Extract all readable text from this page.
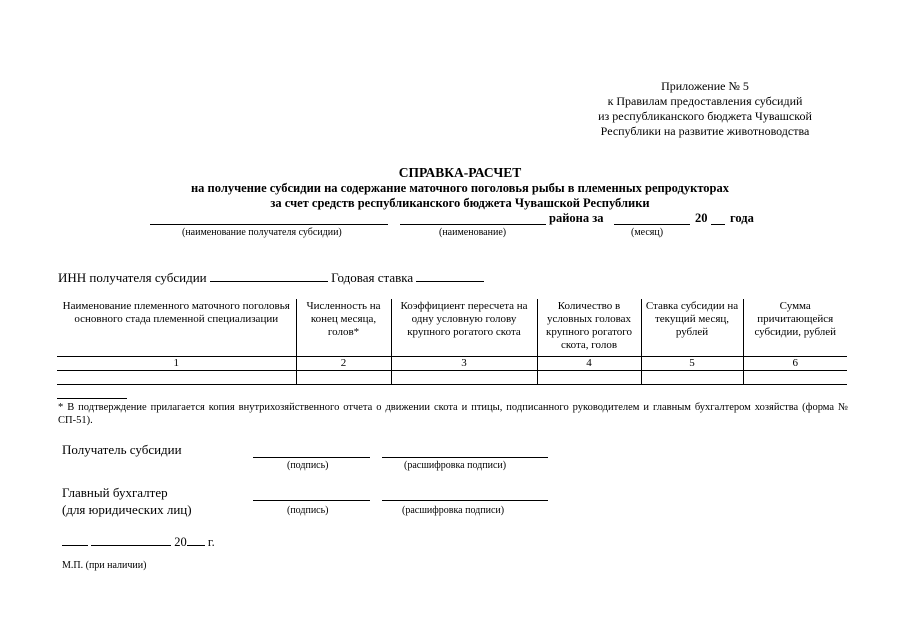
Приложение № 5
к Правилам предоставления субсидий
из республиканского бюджета Чувашской
Республики на развитие животноводства
СПРАВКА-РАСЧЕТ
на получение субсидии на содержание маточного поголовья рыбы в племенных репродукторах
за счет средств республиканского бюджета Чувашской Республики
района за	20 года
(наименование получателя субсидии)	(наименование)	(месяц)
ИНН получателя субсидии	Годовая ставка
Наименование племенного маточного поголовья основного стада племенной специализации	Численность на конец месяца, голов*	Коэффициент пересчета на одну условную голову крупного рогатого скота	Количество в условных головах крупного рогатого скота, голов	Ставка субсидии на текущий месяц, рублей	Сумма причитающейся субсидии, рублей
1	2	3	4	5	6

* В подтверждение прилагается копия внутрихозяйственного отчета о движении скота и птицы, подписанного руководителем и главным бухгалтером хозяйства (форма № СП-51).
Получатель субсидии
(подпись)	(расшифровка подписи)
Главный бухгалтер
(для юридических лиц)	(подпись)	(расшифровка подписи)
20 г.
М.П. (при наличии)
